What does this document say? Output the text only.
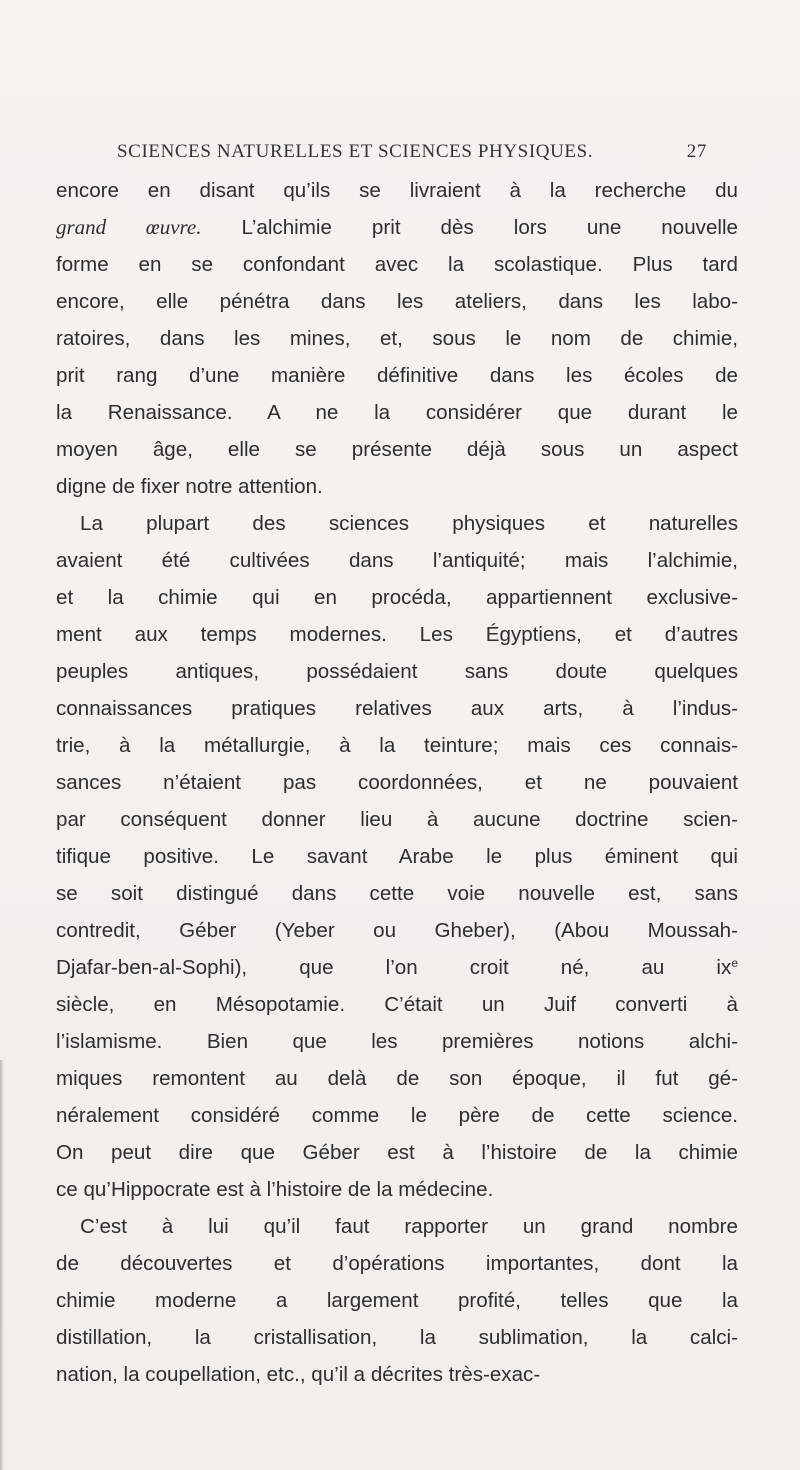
SCIENCES NATURELLES ET SCIENCES PHYSIQUES.	27
encore en disant qu’ils se livraient à la recherche du
grand œuvre. L’alchimie prit dès lors une nouvelle
forme en se confondant avec la scolastique. Plus tard
encore, elle pénétra dans les ateliers, dans les labo-
ratoires, dans les mines, et, sous le nom de chimie,
prit rang d’une manière définitive dans les écoles de
la Renaissance. A ne la considérer que durant le
moyen âge, elle se présente déjà sous un aspect
digne de fixer notre attention.
La plupart des sciences physiques et naturelles
avaient été cultivées dans l’antiquité; mais l’alchimie,
et la chimie qui en procéda, appartiennent exclusive-
ment aux temps modernes. Les Égyptiens, et d’autres
peuples antiques, possédaient sans doute quelques
connaissances pratiques relatives aux arts, à l’indus-
trie, à la métallurgie, à la teinture; mais ces connais-
sances n’étaient pas coordonnées, et ne pouvaient
par conséquent donner lieu à aucune doctrine scien-
tifique positive. Le savant Arabe le plus éminent qui
se soit distingué dans cette voie nouvelle est, sans
contredit, Géber (Yeber ou Gheber), (Abou Moussah-
Djafar-ben-al-Sophi), que l’on croit né, au $ix^e$
siècle, en Mésopotamie. C’était un Juif converti à
l’islamisme. Bien que les premières notions alchi-
miques remontent au delà de son époque, il fut gé-
néralement considéré comme le père de cette science.
On peut dire que Géber est à l’histoire de la chimie
ce qu’Hippocrate est à l’histoire de la médecine.
C’est à lui qu’il faut rapporter un grand nombre
de découvertes et d’opérations importantes, dont la
chimie moderne a largement profité, telles que la
distillation, la cristallisation, la sublimation, la calci-
nation, la coupellation, etc., qu’il a décrites très-exac-
